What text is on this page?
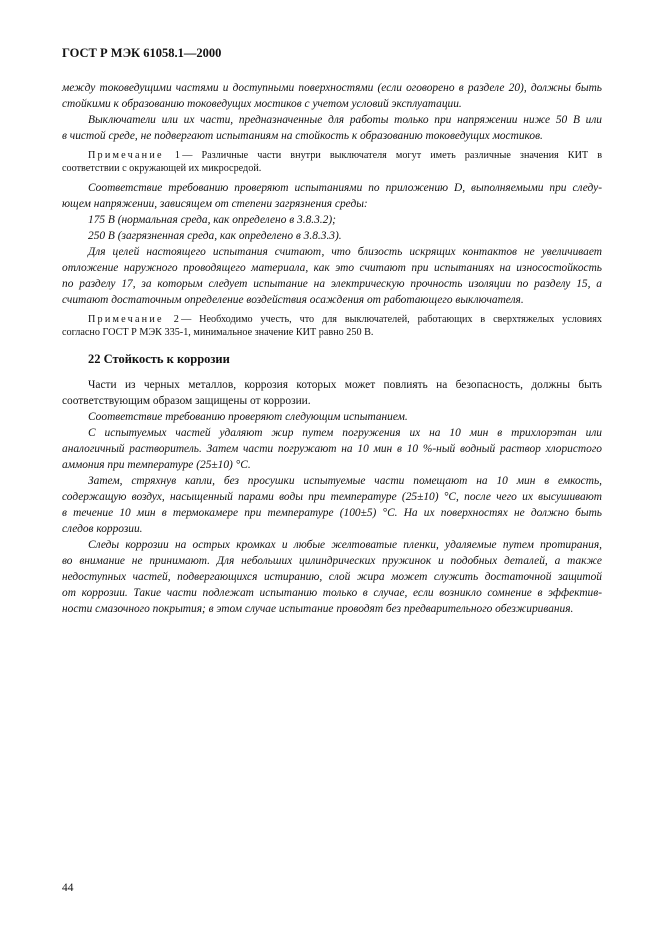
ГОСТ Р МЭК 61058.1—2000
между токоведущими частями и доступными поверхностями (если оговорено в разделе 20), должны быть
стойкими к образованию токоведущих мостиков с учетом условий эксплуатации.
Выключатели или их части, предназначенные для работы только при напряжении ниже 50 В или
в чистой среде, не подвергают испытаниям на стойкость к образованию токоведущих мостиков.
Примечание 1— Различные части внутри выключателя могут иметь различные значения КИТ в
соответствии с окружающей их микросредой.
Соответствие требованию проверяют испытаниями по приложению D, выполняемыми при следу-
ющем напряжении, зависящем от степени загрязнения среды:
175 В (нормальная среда, как определено в 3.8.3.2);
250 В (загрязненная среда, как определено в 3.8.3.3).
Для целей настоящего испытания считают, что близость искрящих контактов не увеличивает
отложение наружного проводящего материала, как это считают при испытаниях на износостойкость
по разделу 17, за которым следует испытание на электрическую прочность изоляции по разделу 15, а
считают достаточным определение воздействия осаждения от работающего выключателя.
Примечание 2— Необходимо учесть, что для выключателей, работающих в сверхтяжелых условиях
согласно ГОСТ Р МЭК 335-1, минимальное значение КИТ равно 250 В.
22 Стойкость к коррозии
Части из черных металлов, коррозия которых может повлиять на безопасность, должны быть
соответствующим образом защищены от коррозии.
Соответствие требованию проверяют следующим испытанием.
С испытуемых частей удаляют жир путем погружения их на 10 мин в трихлорэтан или
аналогичный растворитель. Затем части погружают на 10 мин в 10 %-ный водный раствор хлористого
аммония при температуре (25±10) °С.
Затем, стряхнув капли, без просушки испытуемые части помещают на 10 мин в емкость,
содержащую воздух, насыщенный парами воды при температуре (25±10) °С, после чего их высушивают
в течение 10 мин в термокамере при температуре (100±5) °С. На их поверхностях не должно быть
следов коррозии.
Следы коррозии на острых кромках и любые желтоватые пленки, удаляемые путем протирания,
во внимание не принимают. Для небольших цилиндрических пружинок и подобных деталей, а также
недоступных частей, подвергающихся истиранию, слой жира может служить достаточной защитой
от коррозии. Такие части подлежат испытанию только в случае, если возникло сомнение в эффектив-
ности смазочного покрытия; в этом случае испытание проводят без предварительного обезжиривания.
44
